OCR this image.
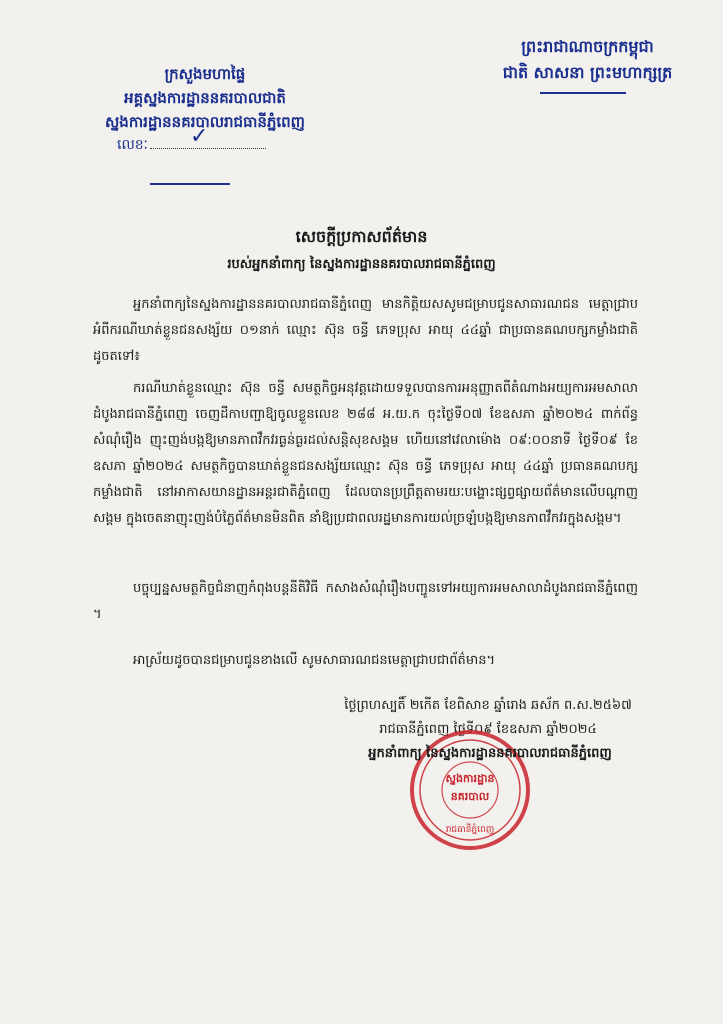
ព្រះរាជាណាចក្រកម្ពុជា
ជាតិ សាសនា ព្រះមហាក្សត្រ
ក្រសួងមហាផ្ទៃ
អគ្គស្នងការដ្ឋាននគរបាលជាតិ
ស្នងការដ្ឋាននគរបាលរាជធានីភ្នំពេញ
លេខៈ ✓
សេចក្តីប្រកាសព័ត៌មាន
របស់អ្នកនាំពាក្យ នៃស្នងការដ្ឋាននគរបាលរាជធានីភ្នំពេញ
អ្នកនាំពាក្យនៃស្នងការដ្ឋាននគរបាលរាជធានីភ្នំពេញ មានកិត្តិយសសូមជម្រាបជូនសាធារណជន មេត្តាជ្រាបអំពីករណីឃាត់ខ្លួនជនសង្ស័យ ០១នាក់ ឈ្មោះ ស៊ុន ចន្ធី ភេទប្រុស អាយុ ៤៤ឆ្នាំ ជាប្រធានគណបក្សកម្លាំងជាតិ ដូចតទៅ៖
ករណីឃាត់ខ្លួនឈ្មោះ ស៊ុន ចន្ធី សមត្ថកិច្ចអនុវត្តដោយទទួលបានការអនុញ្ញាតពីតំណាងអយ្យការអមសាលាដំបូងរាជធានីភ្នំពេញ ចេញដីកាបញ្ជាឱ្យចូលខ្លួនលេខ ២៨៨ អ.យ.ក ចុះថ្ងៃទី០៧ ខែឧសភា ឆ្នាំ២០២៤ ពាក់ព័ន្ធសំណុំរឿង ញុះញង់បង្កឱ្យមានភាពវឹកវរធ្ងន់ធ្ងរដល់សន្តិសុខសង្គម ហើយនៅវេលាម៉ោង ០៩:០០នាទី ថ្ងៃទី០៩ ខែឧសភា ឆ្នាំ២០២៤ សមត្ថកិច្ចបានឃាត់ខ្លួនជនសង្ស័យឈ្មោះ ស៊ុន ចន្ធី ភេទប្រុស អាយុ ៤៤ឆ្នាំ ប្រធានគណបក្សកម្លាំងជាតិ នៅអាកាសយានដ្ឋានអន្តរជាតិភ្នំពេញ ដែលបានប្រព្រឹត្តតាមរយៈបង្ហោះផ្សព្វផ្សាយព័ត៌មានលើបណ្តាញសង្គម ក្នុងចេតនាញុះញង់បំភ្លៃព័ត៌មានមិនពិត នាំឱ្យប្រជាពលរដ្ឋមានការយល់ច្រឡំបង្កឱ្យមានភាពវឹកវរក្នុងសង្គម។
បច្ចុប្បន្នសមត្ថកិច្ចជំនាញកំពុងបន្តនីតិវិធី កសាងសំណុំរឿងបញ្ជូនទៅអយ្យការអមសាលាដំបូងរាជធានីភ្នំពេញ ។
អាស្រ័យដូចបានជម្រាបជូនខាងលើ សូមសាធារណជនមេត្តាជ្រាបជាព័ត៌មាន។
ថ្ងៃព្រហស្បតិ៍ ២កើត ខែពិសាខ ឆ្នាំរោង ឆស័ក ព.ស.២៥៦៧
រាជធានីភ្នំពេញ ថ្ងៃទី០៩ ខែឧសភា ឆ្នាំ២០២៤
ស្នងការដ្ឋាន
នគរបាល
រាជធានីភ្នំពេញ
អ្នកនាំពាក្យ នៃស្នងការដ្ឋាននគរបាលរាជធានីភ្នំពេញ
